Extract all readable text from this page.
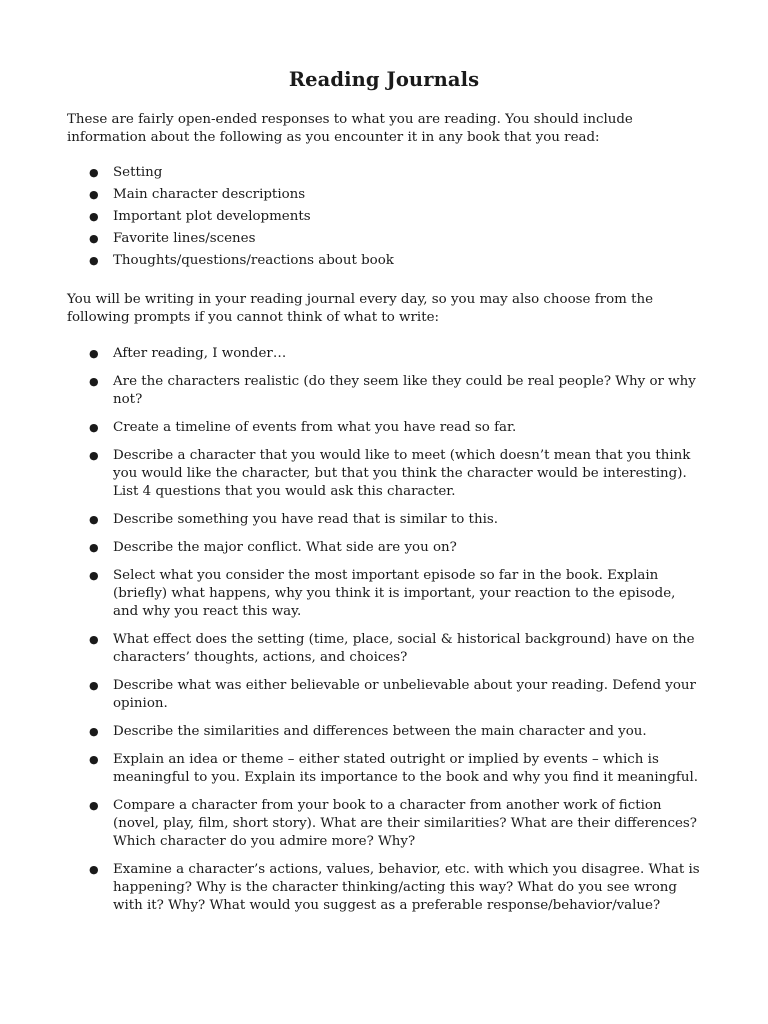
Reading Journals

These are fairly open-ended responses to what you are reading. You should include information about the following as you encounter it in any book that you read:

● Setting
● Main character descriptions
● Important plot developments
● Favorite lines/scenes
● Thoughts/questions/reactions about book

You will be writing in your reading journal every day, so you may also choose from the following prompts if you cannot think of what to write:

● After reading, I wonder…
● Are the characters realistic (do they seem like they could be real people? Why or why not?
● Create a timeline of events from what you have read so far.
● Describe a character that you would like to meet (which doesn’t mean that you think you would like the character, but that you think the character would be interesting). List 4 questions that you would ask this character.
● Describe something you have read that is similar to this.
● Describe the major conflict. What side are you on?
● Select what you consider the most important episode so far in the book. Explain (briefly) what happens, why you think it is important, your reaction to the episode, and why you react this way.
● What effect does the setting (time, place, social & historical background) have on the characters’ thoughts, actions, and choices?
● Describe what was either believable or unbelievable about your reading. Defend your opinion.
● Describe the similarities and differences between the main character and you.
● Explain an idea or theme – either stated outright or implied by events – which is meaningful to you. Explain its importance to the book and why you find it meaningful.
● Compare a character from your book to a character from another work of fiction (novel, play, film, short story). What are their similarities? What are their differences? Which character do you admire more? Why?
● Examine a character’s actions, values, behavior, etc. with which you disagree. What is happening? Why is the character thinking/acting this way? What do you see wrong with it? Why? What would you suggest as a preferable response/behavior/value?
